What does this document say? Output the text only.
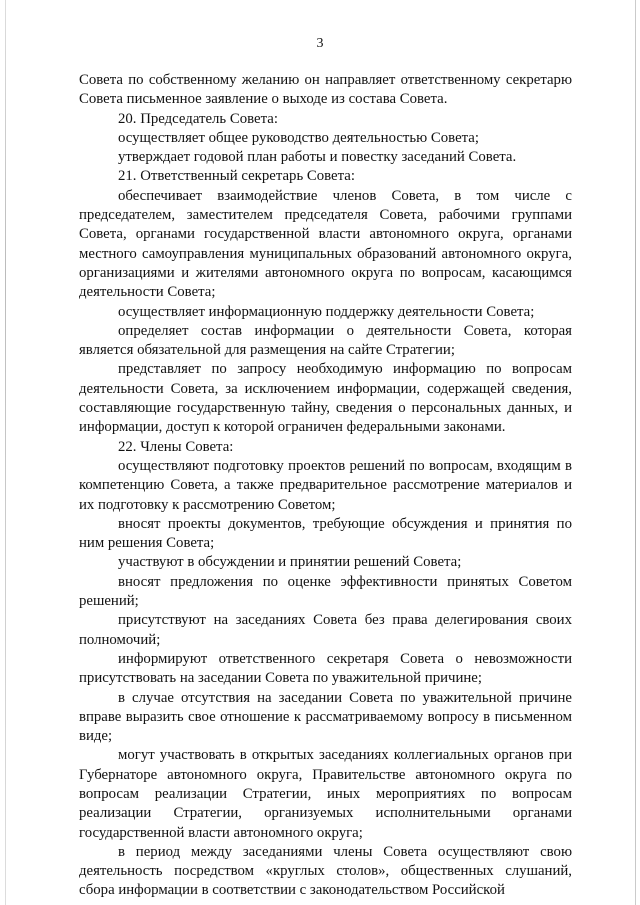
3

Совета по собственному желанию он направляет ответственному секретарю Совета письменное заявление о выходе из состава Совета.

20. Председатель Совета:

осуществляет общее руководство деятельностью Совета;

утверждает годовой план работы и повестку заседаний Совета.

21. Ответственный секретарь Совета:

обеспечивает взаимодействие членов Совета, в том числе с председателем, заместителем председателя Совета, рабочими группами Совета, органами государственной власти автономного округа, органами местного самоуправления муниципальных образований автономного округа, организациями и жителями автономного округа по вопросам, касающимся деятельности Совета;

осуществляет информационную поддержку деятельности Совета;

определяет состав информации о деятельности Совета, которая является обязательной для размещения на сайте Стратегии;

представляет по запросу необходимую информацию по вопросам деятельности Совета, за исключением информации, содержащей сведения, составляющие государственную тайну, сведения о персональных данных, и информации, доступ к которой ограничен федеральными законами.

22. Члены Совета:

осуществляют подготовку проектов решений по вопросам, входящим в компетенцию Совета, а также предварительное рассмотрение материалов и их подготовку к рассмотрению Советом;

вносят проекты документов, требующие обсуждения и принятия по ним решения Совета;

участвуют в обсуждении и принятии решений Совета;

вносят предложения по оценке эффективности принятых Советом решений;

присутствуют на заседаниях Совета без права делегирования своих полномочий;

информируют ответственного секретаря Совета о невозможности присутствовать на заседании Совета по уважительной причине;

в случае отсутствия на заседании Совета по уважительной причине вправе выразить свое отношение к рассматриваемому вопросу в письменном виде;

могут участвовать в открытых заседаниях коллегиальных органов при Губернаторе автономного округа, Правительстве автономного округа по вопросам реализации Стратегии, иных мероприятиях по вопросам реализации Стратегии, организуемых исполнительными органами государственной власти автономного округа;

в период между заседаниями члены Совета осуществляют свою деятельность посредством «круглых столов», общественных слушаний, сбора информации в соответствии с законодательством Российской
